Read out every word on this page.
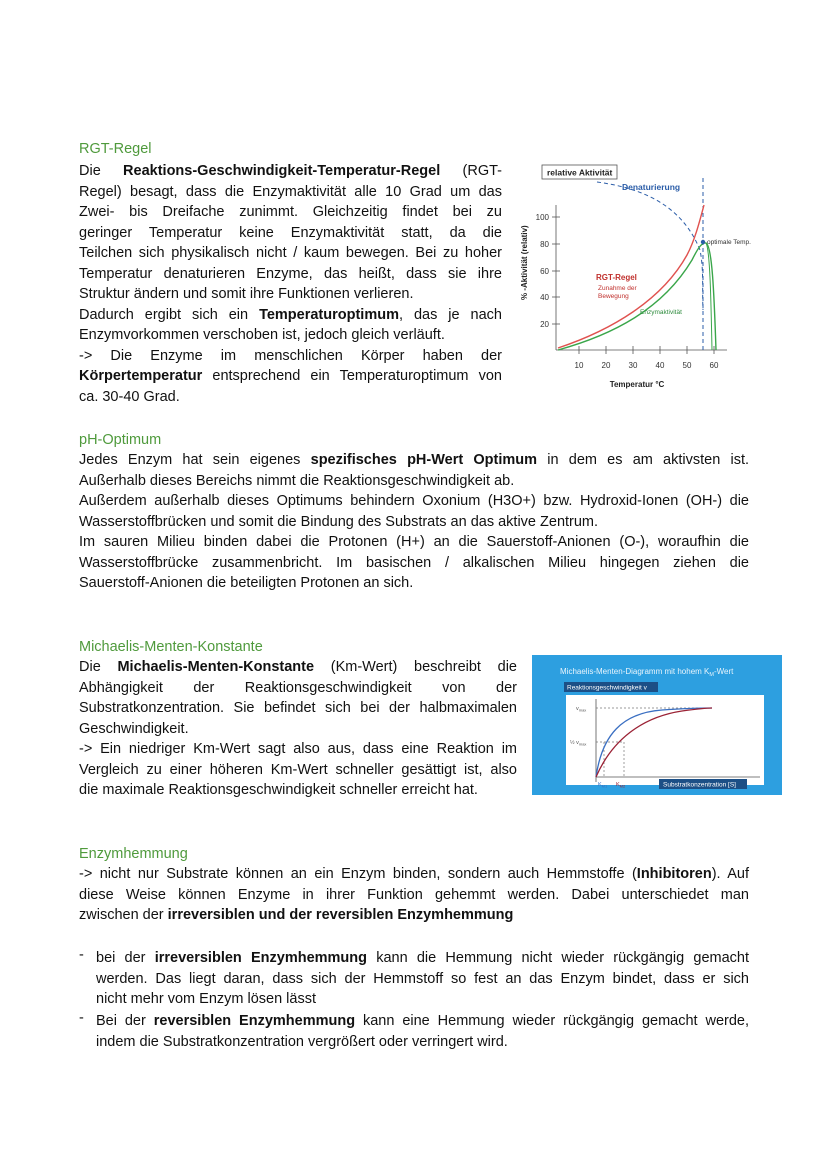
RGT-Regel
Die Reaktions-Geschwindigkeit-Temperatur-Regel (RGT-
Regel) besagt, dass die Enzymaktivität alle 10 Grad um das
Zwei- bis Dreifache zunimmt. Gleichzeitig findet bei zu
geringer Temperatur keine Enzymaktivität statt, da die
Teilchen sich physikalisch nicht / kaum bewegen. Bei zu hoher
Temperatur denaturieren Enzyme, das heißt, dass sie ihre
Struktur ändern und somit ihre Funktionen verlieren.
Dadurch ergibt sich ein Temperaturoptimum, das je nach
Enzymvorkommen verschoben ist, jedoch gleich verläuft.
-> Die Enzyme im menschlichen Körper haben der
Körpertemperatur entsprechend ein Temperaturoptimum von
ca. 30-40 Grad.
relative Aktivität
100
80
60
40
20
10 20 30 40 50 60
Temperatur °C
% -Aktivität (relativ)
Denaturierung
optimale Temp.
RGT-Regel
Zunahme der
Bewegung
Enzymaktivität
pH-Optimum
Jedes Enzym hat sein eigenes spezifisches pH-Wert Optimum in dem es am aktivsten ist.
Außerhalb dieses Bereichs nimmt die Reaktionsgeschwindigkeit ab.
Außerdem außerhalb dieses Optimums behindern Oxonium (H3O+) bzw. Hydroxid-Ionen (OH-) die
Wasserstoffbrücken und somit die Bindung des Substrats an das aktive Zentrum.
Im sauren Milieu binden dabei die Protonen (H+) an die Sauerstoff-Anionen (O-), woraufhin die
Wasserstoffbrücke zusammenbricht. Im basischen / alkalischen Milieu hingegen ziehen die
Sauerstoff-Anionen die beteiligten Protonen an sich.
Michaelis-Menten-Konstante
Die Michaelis-Menten-Konstante (Km-Wert) beschreibt die
Abhängigkeit der Reaktionsgeschwindigkeit von der
Substratkonzentration. Sie befindet sich bei der halbmaximalen
Geschwindigkeit.
-> Ein niedriger Km-Wert sagt also aus, dass eine Reaktion im
Vergleich zu einer höheren Km-Wert schneller gesättigt ist, also
die maximale Reaktionsgeschwindigkeit schneller erreicht hat.
Michaelis-Menten-Diagramm mit hohem $K_M$-Wert
Reaktionsgeschwindigkeit v
$v_{max}$
½ $v_{max}$
$K_{M1}$ $K_{M2}$	Substratkonzentration [S]
Enzymhemmung
-> nicht nur Substrate können an ein Enzym binden, sondern auch Hemmstoffe (Inhibitoren). Auf
diese Weise können Enzyme in ihrer Funktion gehemmt werden. Dabei unterschiedet man
zwischen der irreversiblen und der reversiblen Enzymhemmung
- bei der irreversiblen Enzymhemmung kann die Hemmung nicht wieder rückgängig gemacht
werden. Das liegt daran, dass sich der Hemmstoff so fest an das Enzym bindet, dass er sich
nicht mehr vom Enzym lösen lässt
- Bei der reversiblen Enzymhemmung kann eine Hemmung wieder rückgängig gemacht werde,
indem die Substratkonzentration vergrößert oder verringert wird.
